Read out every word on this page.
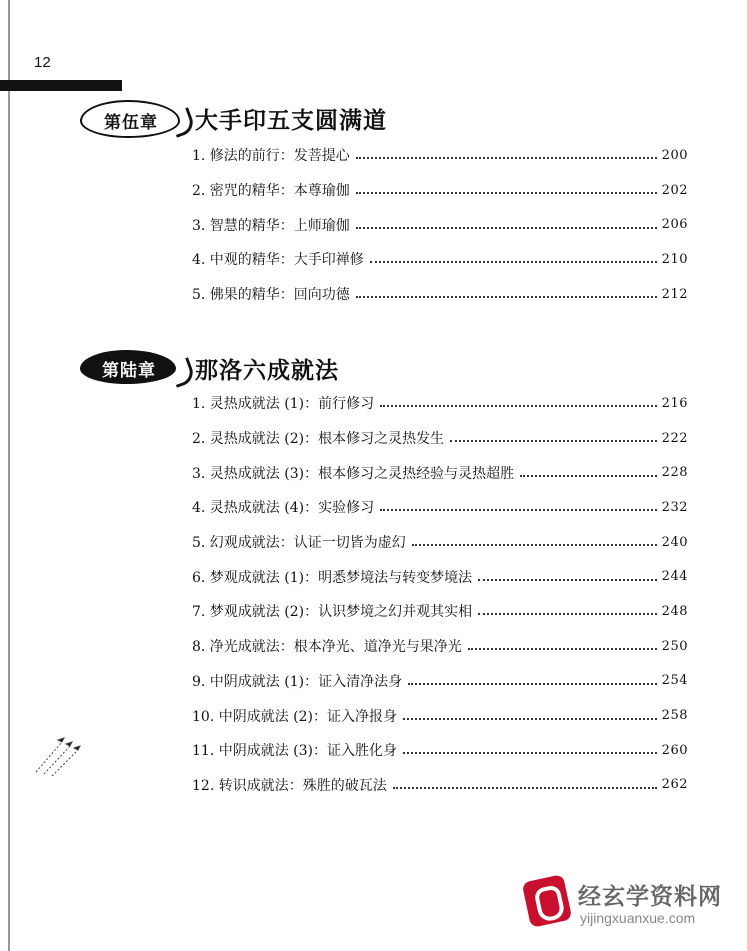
12
第伍章	大手印五支圆满道
1. 修法的前行：发菩提心	200
2. 密咒的精华：本尊瑜伽	202
3. 智慧的精华：上师瑜伽	206
4. 中观的精华：大手印禅修	210
5. 佛果的精华：回向功德	212
第陆章	那洛六成就法
1. 灵热成就法 (1)：前行修习	216
2. 灵热成就法 (2)：根本修习之灵热发生	222
3. 灵热成就法 (3)：根本修习之灵热经验与灵热超胜	228
4. 灵热成就法 (4)：实验修习	232
5. 幻观成就法：认证一切皆为虚幻	240
6. 梦观成就法 (1)：明悉梦境法与转变梦境法	244
7. 梦观成就法 (2)：认识梦境之幻并观其实相	248
8. 净光成就法：根本净光、道净光与果净光	250
9. 中阴成就法 (1)：证入清净法身	254
10. 中阴成就法 (2)：证入净报身	258
11. 中阴成就法 (3)：证入胜化身	260
12. 转识成就法：殊胜的破瓦法	262
经玄学资料网
yijingxuanxue.com
